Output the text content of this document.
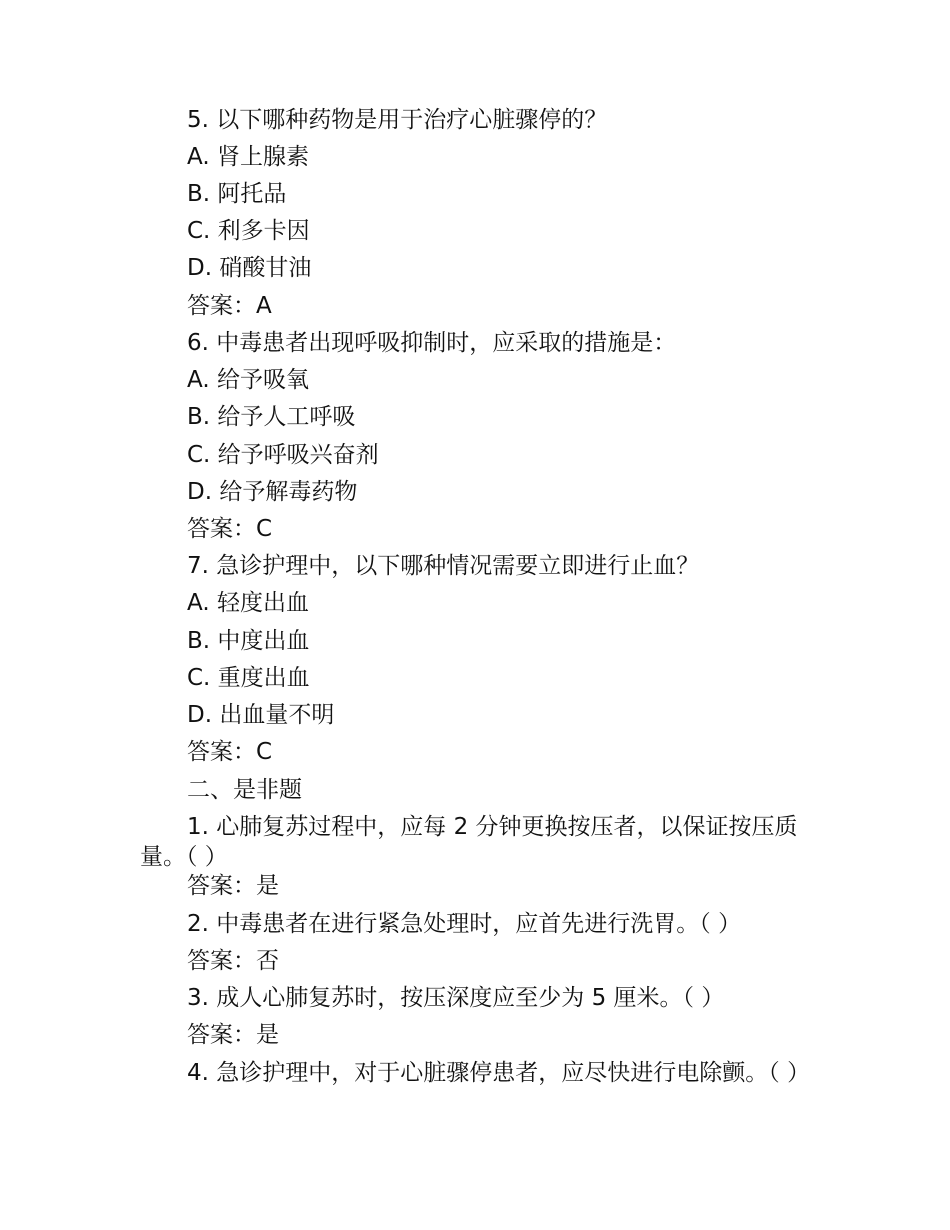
5. 以下哪种药物是用于治疗心脏骤停的？
A. 肾上腺素
B. 阿托品
C. 利多卡因
D. 硝酸甘油
答案：A
6. 中毒患者出现呼吸抑制时，应采取的措施是：
A. 给予吸氧
B. 给予人工呼吸
C. 给予呼吸兴奋剂
D. 给予解毒药物
答案：C
7. 急诊护理中，以下哪种情况需要立即进行止血？
A. 轻度出血
B. 中度出血
C. 重度出血
D. 出血量不明
答案：C
二、是非题
1. 心肺复苏过程中，应每 2 分钟更换按压者，以保证按压质量。（ ）
答案：是
2. 中毒患者在进行紧急处理时，应首先进行洗胃。（ ）
答案：否
3. 成人心肺复苏时，按压深度应至少为 5 厘米。（ ）
答案：是
4. 急诊护理中，对于心脏骤停患者，应尽快进行电除颤。（ ）
